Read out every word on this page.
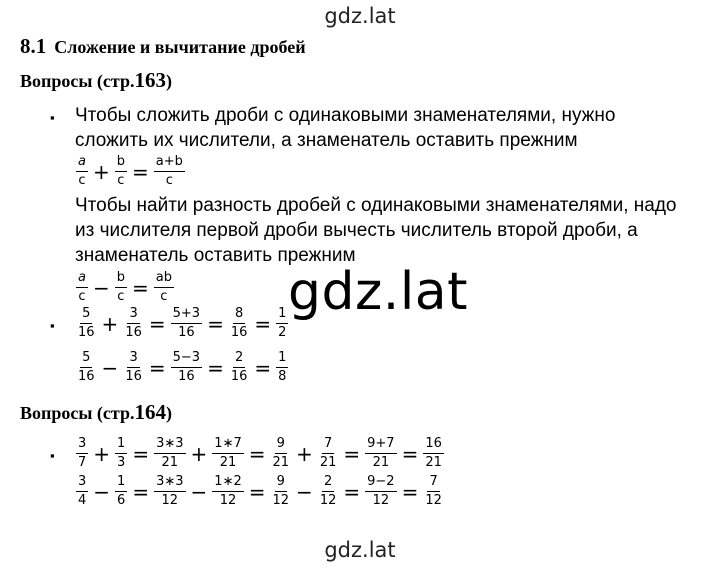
gdz.lat
8.1 Сложение и вычитание дробей
Вопросы (стр.163)
▪ Чтобы сложить дроби с одинаковыми знаменателями, нужно
сложить их числители, а знаменатель оставить прежним
$\frac{a}{c} + \frac{b}{c} = \frac{a+b}{c}$
Чтобы найти разность дробей с одинаковыми знаменателями, надо
из числителя первой дроби вычесть числитель второй дроби, а
знаменатель оставить прежним
$\frac{a}{c} - \frac{b}{c} = \frac{ab}{c}$
▪ $\frac{5}{16} + \frac{3}{16} = \frac{5+3}{16} = \frac{8}{16} = \frac{1}{2}$
$\frac{5}{16} - \frac{3}{16} = \frac{5-3}{16} = \frac{2}{16} = \frac{1}{8}$
Вопросы (стр.164)
▪ $\frac{3}{7} + \frac{1}{3} = \frac{3∗3}{21} + \frac{1∗7}{21} = \frac{9}{21} + \frac{7}{21} = \frac{9+7}{21} = \frac{16}{21}$
$\frac{3}{4} - \frac{1}{6} = \frac{3∗3}{12} - \frac{1∗2}{12} = \frac{9}{12} - \frac{2}{12} = \frac{9-2}{12} = \frac{7}{12}$
gdz.lat
gdz.lat
